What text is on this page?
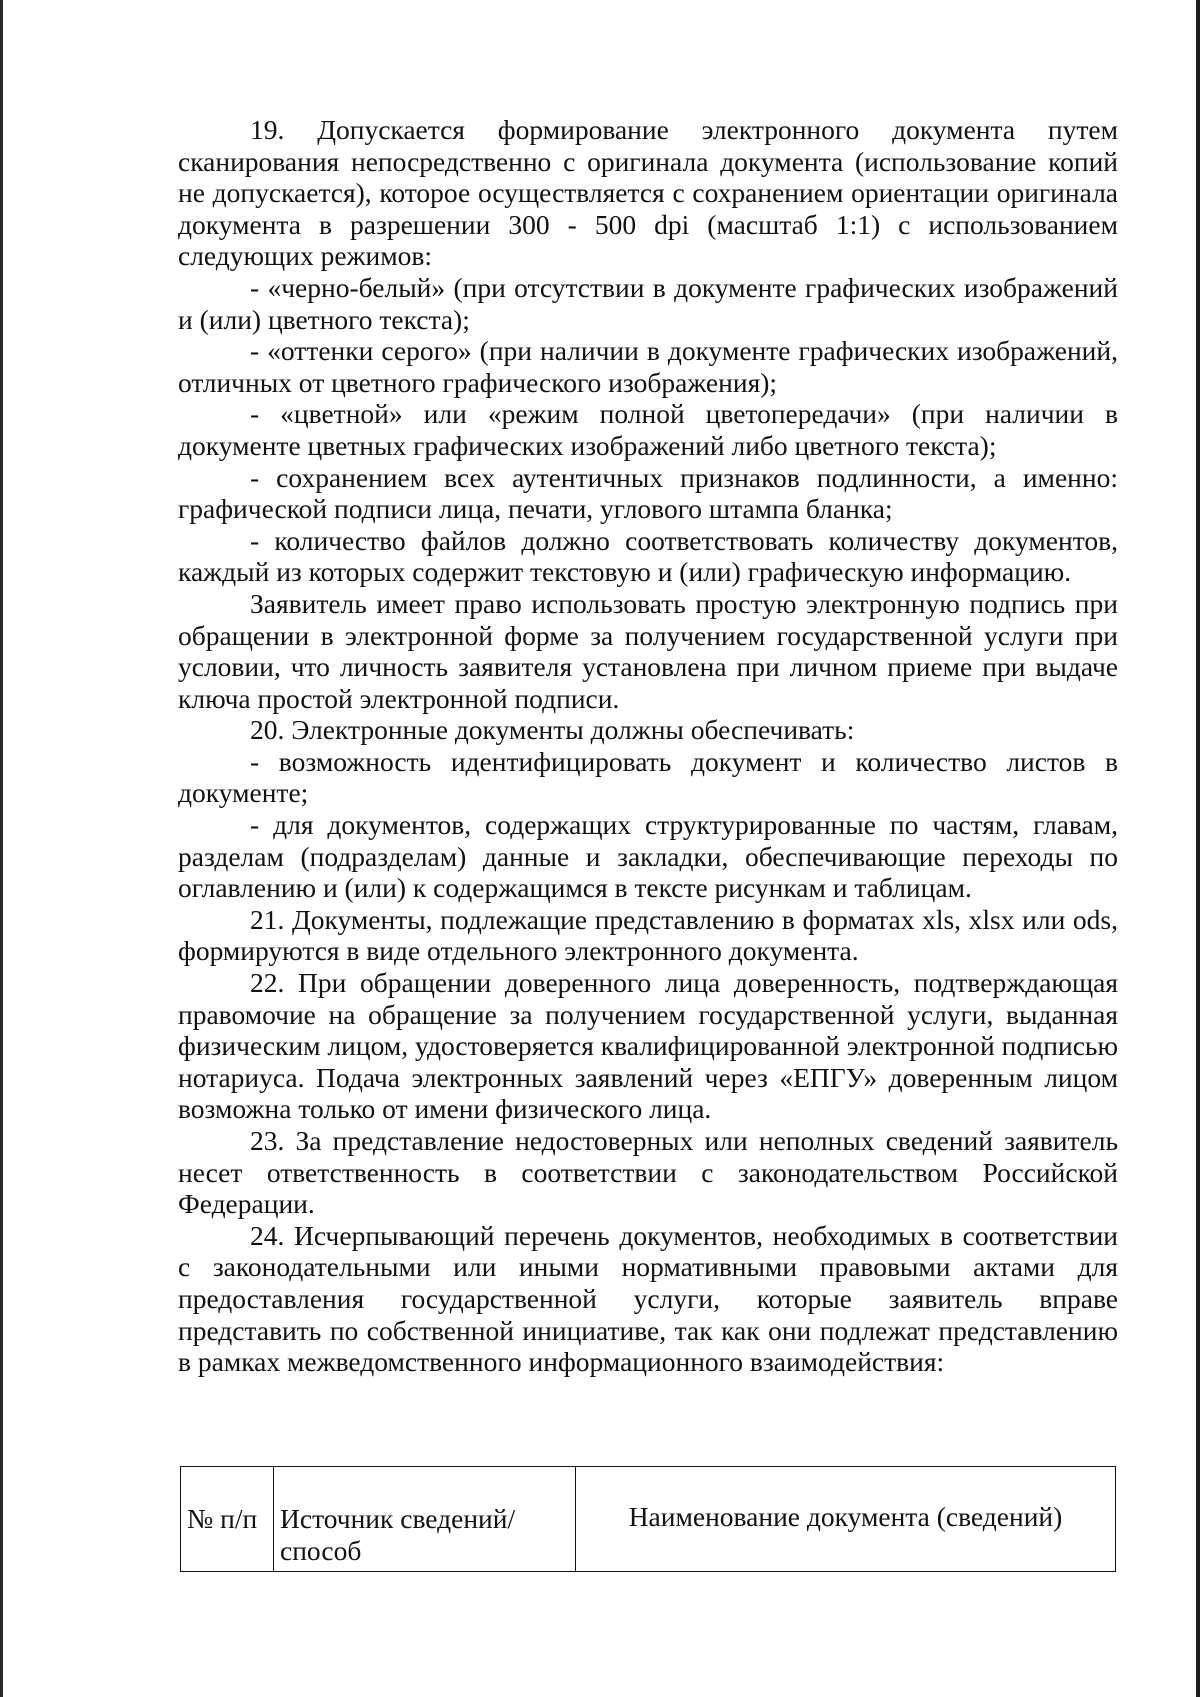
19. Допускается формирование электронного документа путем сканирования непосредственно с оригинала документа (использование копий не допускается), которое осуществляется с сохранением ориентации оригинала документа в разрешении 300 - 500 dpi (масштаб 1:1) с использованием следующих режимов:

- «черно-белый» (при отсутствии в документе графических изображений и (или) цветного текста);

- «оттенки серого» (при наличии в документе графических изображений, отличных от цветного графического изображения);

- «цветной» или «режим полной цветопередачи» (при наличии в документе цветных графических изображений либо цветного текста);

- сохранением всех аутентичных признаков подлинности, а именно: графической подписи лица, печати, углового штампа бланка;

- количество файлов должно соответствовать количеству документов, каждый из которых содержит текстовую и (или) графическую информацию.

Заявитель имеет право использовать простую электронную подпись при обращении в электронной форме за получением государственной услуги при условии, что личность заявителя установлена при личном приеме при выдаче ключа простой электронной подписи.

20. Электронные документы должны обеспечивать:

- возможность идентифицировать документ и количество листов в документе;

- для документов, содержащих структурированные по частям, главам, разделам (подразделам) данные и закладки, обеспечивающие переходы по оглавлению и (или) к содержащимся в тексте рисункам и таблицам.

21. Документы, подлежащие представлению в форматах xls, xlsx или ods, формируются в виде отдельного электронного документа.

22. При обращении доверенного лица доверенность, подтверждающая правомочие на обращение за получением государственной услуги, выданная физическим лицом, удостоверяется квалифицированной электронной подписью нотариуса. Подача электронных заявлений через «ЕПГУ» доверенным лицом возможна только от имени физического лица.

23. За представление недостоверных или неполных сведений заявитель несет ответственность в соответствии с законодательством Российской Федерации.

24. Исчерпывающий перечень документов, необходимых в соответствии с законодательными или иными нормативными правовыми актами для предоставления государственной услуги, которые заявитель вправе представить по собственной инициативе, так как они подлежат представлению в рамках межведомственного информационного взаимодействия:

№ п/п	Источник сведений/способ	Наименование документа (сведений)
